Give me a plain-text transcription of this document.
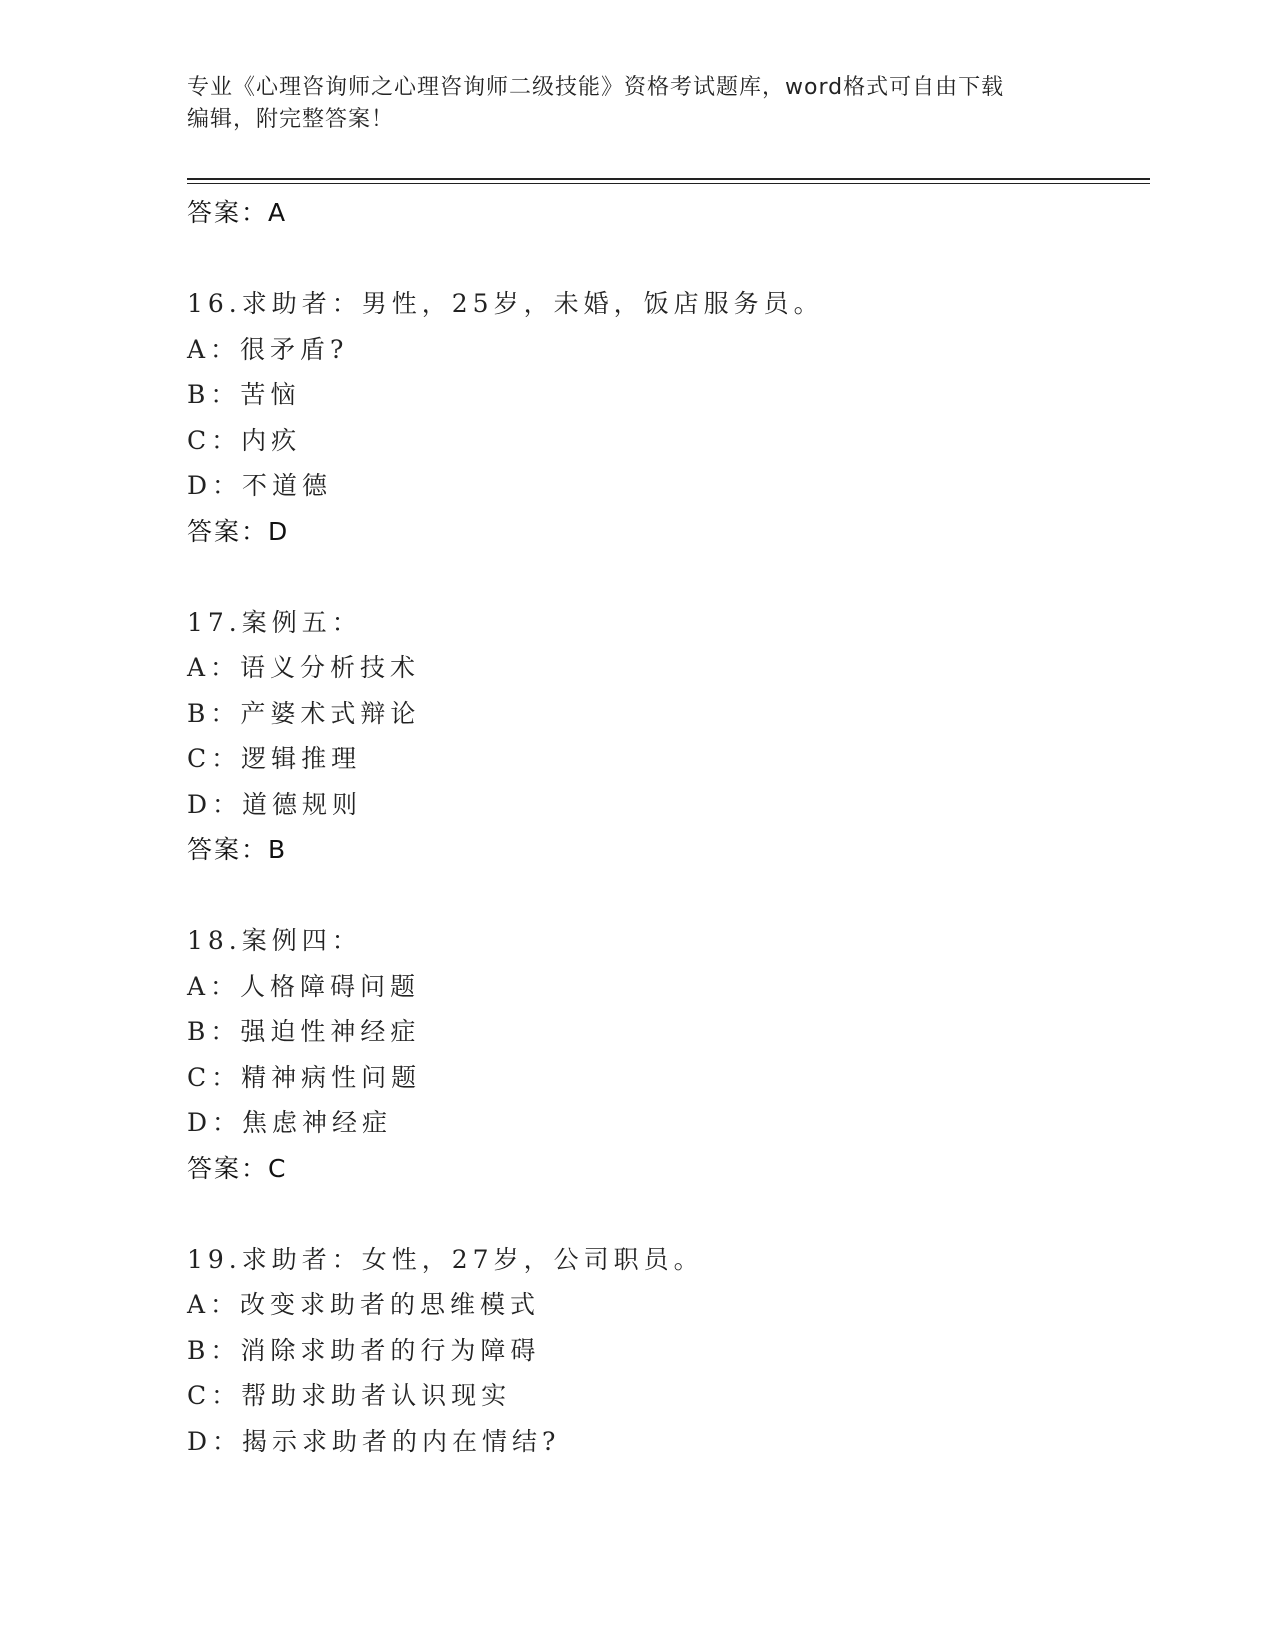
专业《心理咨询师之心理咨询师二级技能》资格考试题库，word格式可自由下载
编辑，附完整答案！
答案：A
16.求助者：男性，25岁，未婚，饭店服务员。
A：很矛盾?
B：苦恼
C：内疚
D：不道德
答案：D
17.案例五：
A：语义分析技术
B：产婆术式辩论
C：逻辑推理
D：道德规则
答案：B
18.案例四：
A：人格障碍问题
B：强迫性神经症
C：精神病性问题
D：焦虑神经症
答案：C
19.求助者：女性，27岁，公司职员。
A：改变求助者的思维模式
B：消除求助者的行为障碍
C：帮助求助者认识现实
D：揭示求助者的内在情结?
